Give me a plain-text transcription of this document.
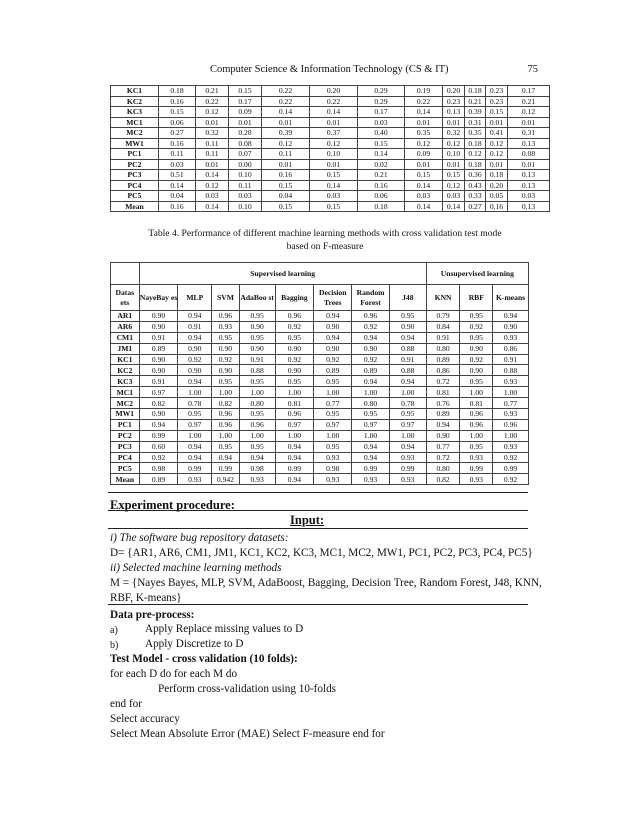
Computer Science & Information Technology (CS & IT)	75
KC1	0.18	0.21	0.15	0.22	0.20	0.29	0.19	0.20	0.18	0.23	0.17
KC2	0.16	0.22	0.17	0.22	0.22	0.29	0.22	0.23	0.21	0.23	0.21
KC3	0.15	0.12	0.09	0.14	0.14	0.17	0.14	0.13	0.39	0.15	0.12
MC1	0.06	0.01	0.01	0.01	0.01	0.03	0.01	0.01	0.31	0.01	0.01
MC2	0.27	0.32	0.28	0.39	0.37	0.40	0.35	0.32	0.35	0.41	0.31
MW1	0.16	0.11	0.08	0.12	0.12	0.15	0.12	0.12	0.18	0.12	0.13
PC1	0.11	0.11	0.07	0.11	0.10	0.14	0.09	0.10	0.12	0.12	0.08
PC2	0.03	0.01	0.00	0.01	0.01	0.02	0.01	0.01	0.18	0.01	0.01
PC3	0.51	0.14	0.10	0.16	0.15	0.21	0.15	0.15	0.36	0.18	0.13
PC4	0.14	0.12	0.11	0.15	0.14	0.16	0.14	0.12	0.43	0.20	0.13
PC5	0.04	0.03	0.03	0.04	0.03	0.06	0.03	0.03	0.33	0.05	0.03
Mean	0.16	0.14	0.10	0.15	0.15	0.18	0.14	0.14	0.27	0.16	0.13
Table 4. Performance of different machine learning methods with cross validation test mode based on F-measure
	Supervised learning								Unsupervised learning		
Datas ets	NayeBay es	MLP	SVM	AdaBoo st	Bagging	Decision Trees	Random Forest	J48	KNN	RBF	K-means
AR1	0.90	0.94	0.96	0.95	0.96	0.94	0.96	0.95	0.79	0.95	0.94
AR6	0.90	0.91	0.93	0.90	0.92	0.90	0.92	0.90	0.84	0.92	0.90
CM1	0.91	0.94	0.95	0.95	0.95	0.94	0.94	0.94	0.91	0.95	0.93
JM1	0.89	0.90	0.90	0.90	0.90	0.90	0.90	0.88	0.80	0.90	0.86
KC1	0.90	0.92	0.92	0.91	0.92	0.92	0.92	0.91	0.89	0.92	0.91
KC2	0.90	0.90	0.90	0.88	0.90	0.89	0.89	0.88	0.86	0.90	0.88
KC3	0.91	0.94	0.95	0.95	0.95	0.95	0.94	0.94	0.72	0.95	0.93
MC1	0.97	1.00	1.00	1.00	1.00	1.00	1.00	1.00	0.81	1.00	1.00
MC2	0.82	0.78	0.82	0.80	0.81	0.77	0.80	0.78	0.76	0.81	0.77
MW1	0.90	0.95	0.96	0.95	0.96	0.95	0.95	0.95	0.89	0.96	0.93
PC1	0.94	0.97	0.96	0.96	0.97	0.97	0.97	0.97	0.94	0.96	0.96
PC2	0.99	1.00	1.00	1.00	1.00	1.00	1.00	1.00	0.90	1.00	1.00
PC3	0.60	0.94	0.95	0.95	0.94	0.95	0.94	0.94	0.77	0.95	0.93
PC4	0.92	0.94	0.94	0.94	0.94	0.93	0.94	0.93	0.72	0.93	0.92
PC5	0.98	0.99	0.99	0.98	0.99	0.98	0.99	0.99	0.80	0.99	0.99
Mean	0.89	0.93	0.942	0.93	0.94	0.93	0.93	0.93	0.82	0.93	0.92
Experiment procedure:
Input:
i) The software bug repository datasets:
D= {AR1, AR6, CM1, JM1, KC1, KC2, KC3, MC1, MC2, MW1, PC1, PC2, PC3, PC4, PC5}
ii) Selected machine learning methods
M = {Nayes Bayes, MLP, SVM, AdaBoost, Bagging, Decision Tree, Random Forest, J48, KNN,
RBF, K-means}
Data pre-process:
a) Apply Replace missing values to D
b) Apply Discretize to D
Test Model - cross validation (10 folds):
for each D do for each M do
Perform cross-validation using 10-folds
end for
Select accuracy
Select Mean Absolute Error (MAE) Select F-measure end for
